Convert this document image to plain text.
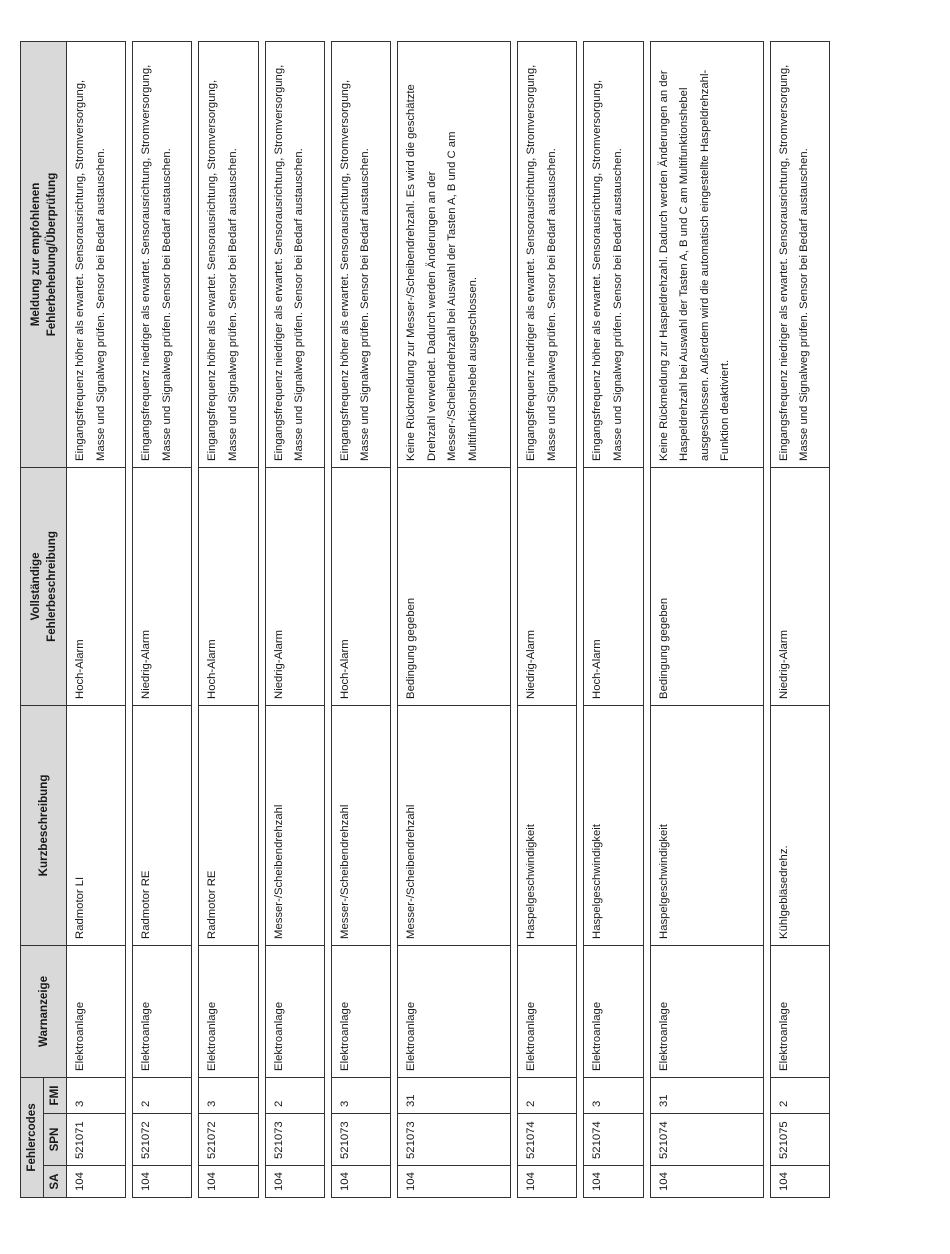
Fehlercodes			Warnanzeige	Kurzbeschreibung	Vollständige Fehlerbeschreibung	Meldung zur empfohlenen Fehlerbehebung/Überprüfung
SA	SPN	FMI				
104	521071	3	Elektroanlage	Radmotor LI	Hoch-Alarm	Eingangsfrequenz höher als erwartet. Sensorausrichtung, Stromversorgung, Masse und Signalweg prüfen. Sensor bei Bedarf austauschen.

104	521072	2	Elektroanlage	Radmotor RE	Niedrig-Alarm	Eingangsfrequenz niedriger als erwartet. Sensorausrichtung, Stromversorgung, Masse und Signalweg prüfen. Sensor bei Bedarf austauschen.

104	521072	3	Elektroanlage	Radmotor RE	Hoch-Alarm	Eingangsfrequenz höher als erwartet. Sensorausrichtung, Stromversorgung, Masse und Signalweg prüfen. Sensor bei Bedarf austauschen.

104	521073	2	Elektroanlage	Messer-/Scheibendrehzahl	Niedrig-Alarm	Eingangsfrequenz niedriger als erwartet. Sensorausrichtung, Stromversorgung, Masse und Signalweg prüfen. Sensor bei Bedarf austauschen.

104	521073	3	Elektroanlage	Messer-/Scheibendrehzahl	Hoch-Alarm	Eingangsfrequenz höher als erwartet. Sensorausrichtung, Stromversorgung, Masse und Signalweg prüfen. Sensor bei Bedarf austauschen.

104	521073	31	Elektroanlage	Messer-/Scheibendrehzahl	Bedingung gegeben	Keine Rückmeldung zur Messer-/Scheibendrehzahl. Es wird die geschätzte Drehzahl verwendet. Dadurch werden Änderungen an der Messer-/Scheibendrehzahl bei Auswahl der Tasten A, B und C am Multifunktionshebel ausgeschlossen.

104	521074	2	Elektroanlage	Haspelgeschwindigkeit	Niedrig-Alarm	Eingangsfrequenz niedriger als erwartet. Sensorausrichtung, Stromversorgung, Masse und Signalweg prüfen. Sensor bei Bedarf austauschen.

104	521074	3	Elektroanlage	Haspelgeschwindigkeit	Hoch-Alarm	Eingangsfrequenz höher als erwartet. Sensorausrichtung, Stromversorgung, Masse und Signalweg prüfen. Sensor bei Bedarf austauschen.

104	521074	31	Elektroanlage	Haspelgeschwindigkeit	Bedingung gegeben	Keine Rückmeldung zur Haspeldrehzahl. Dadurch werden Änderungen an der Haspeldrehzahl bei Auswahl der Tasten A, B und C am Multifunktionshebel ausgeschlossen. Außerdem wird die automatisch eingestellte Haspeldrehzahl-Funktion deaktiviert.

104	521075	2	Elektroanlage	Kühlgebläsedrehz.	Niedrig-Alarm	Eingangsfrequenz niedriger als erwartet. Sensorausrichtung, Stromversorgung, Masse und Signalweg prüfen. Sensor bei Bedarf austauschen.
